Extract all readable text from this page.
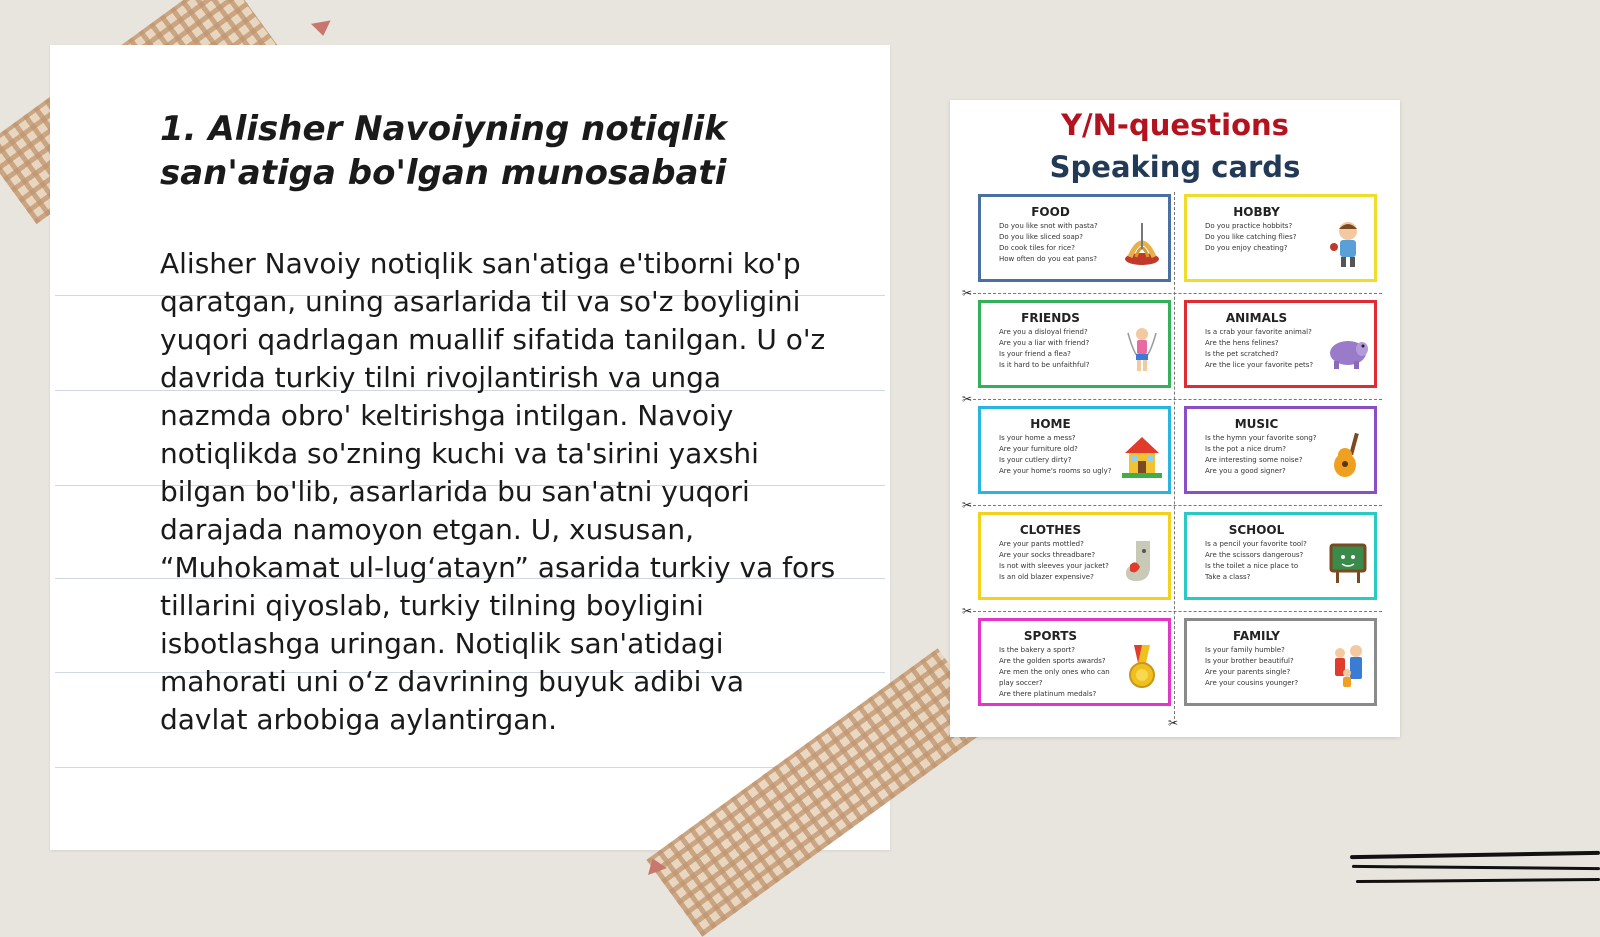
1. Alisher Navoiyning notiqlik san'atiga bo'lgan munosabati

Alisher Navoiy notiqlik san'atiga e'tiborni ko'p qaratgan, uning asarlarida til va so'z boyligini yuqori qadrlagan muallif sifatida tanilgan. U o'z davrida turkiy tilni rivojlantirish va unga nazmda obro' keltirishga intilgan. Navoiy notiqlikda so'zning kuchi va ta'sirini yaxshi bilgan bo'lib, asarlarida bu san'atni yuqori darajada namoyon etgan. U, xususan, “Muhokamat ul-lug‘atayn” asarida turkiy va fors tillarini qiyoslab, turkiy tilning boyligini isbotlashga uringan. Notiqlik san'atidagi mahorati uni o‘z davrining buyuk adibi va davlat arbobiga aylantirgan.

Y/N-questions
Speaking cards
✂
✂
✂
✂
✂
FOOD
• Do you like snot with pasta?
• Do you like sliced soap?
• Do cook tiles for rice?
• How often do you eat pans?
HOBBY
• Do you practice hobbits?
• Do you like catching flies?
• Do you enjoy cheating?
FRIENDS
• Are you a disloyal friend?
• Are you a liar with friend?
• Is your friend a flea?
• Is it hard to be unfaithful?
ANIMALS
• Is a crab your favorite animal?
• Are the hens felines?
• Is the pet scratched?
• Are the lice your favorite pets?
HOME
• Is your home a mess?
• Are your furniture old?
• Is your cutlery dirty?
• Are your home's rooms so ugly?
MUSIC
• Is the hymn your favorite song?
• Is the pot a nice drum?
• Are interesting some noise?
• Are you a good signer?
CLOTHES
• Are your pants mottled?
• Are your socks threadbare?
• Is not with sleeves your jacket?
• Is an old blazer expensive?
SCHOOL
• Is a pencil your favorite tool?
• Are the scissors dangerous?
• Is the toilet a nice place to
• Take a class?
SPORTS
• Is the bakery a sport?
• Are the golden sports awards?
• Are men the only ones who can
• play soccer?
• Are there platinum medals?
FAMILY
• Is your family humble?
• Is your brother beautiful?
• Are your parents single?
• Are your cousins younger?
